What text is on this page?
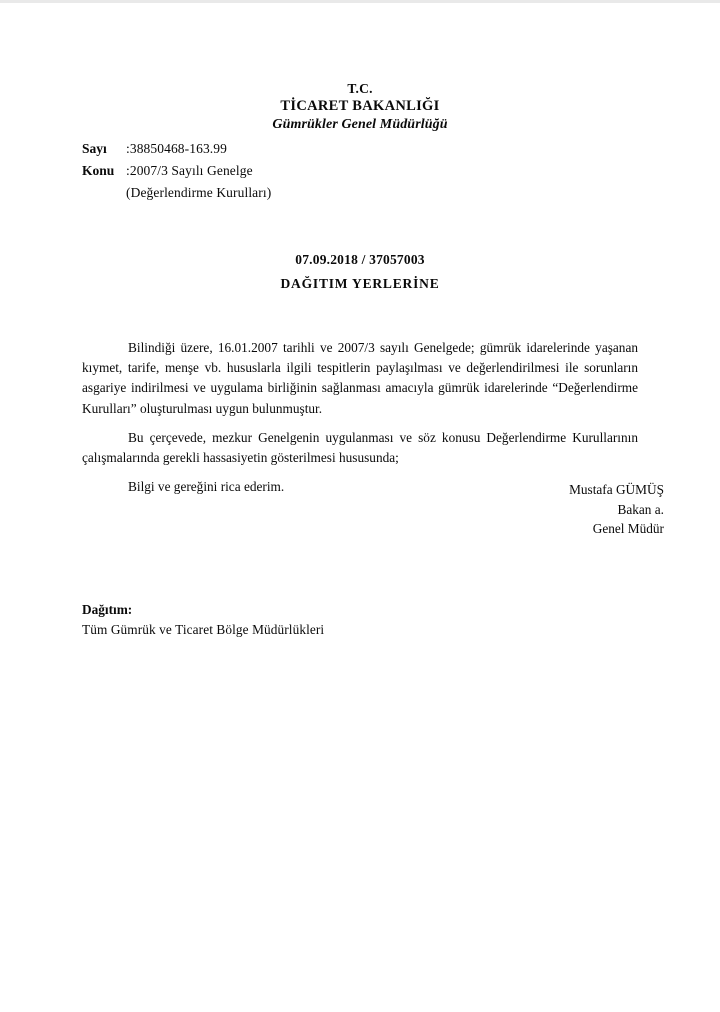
T.C.
TİCARET BAKANLIĞI
Gümrükler Genel Müdürlüğü
Sayı	:38850468-163.99
Konu :2007/3 Sayılı Genelge
(Değerlendirme Kurulları)
07.09.2018 / 37057003
DAĞITIM YERLERİNE

Bilindiği üzere, 16.01.2007 tarihli ve 2007/3 sayılı Genelgede; gümrük idarelerinde yaşanan kıymet, tarife, menşe vb. hususlarla ilgili tespitlerin paylaşılması ve değerlendirilmesi ile sorunların asgariye indirilmesi ve uygulama birliğinin sağlanması amacıyla gümrük idarelerinde “Değerlendirme Kurulları” oluşturulması uygun bulunmuştur.

Bu çerçevede, mezkur Genelgenin uygulanması ve söz konusu Değerlendirme Kurullarının çalışmalarında gerekli hassasiyetin gösterilmesi hususunda;

Bilgi ve gereğini rica ederim.	Mustafa GÜMÜŞ
Bakan a.
Genel Müdür
Dağıtım:
Tüm Gümrük ve Ticaret Bölge Müdürlükleri
